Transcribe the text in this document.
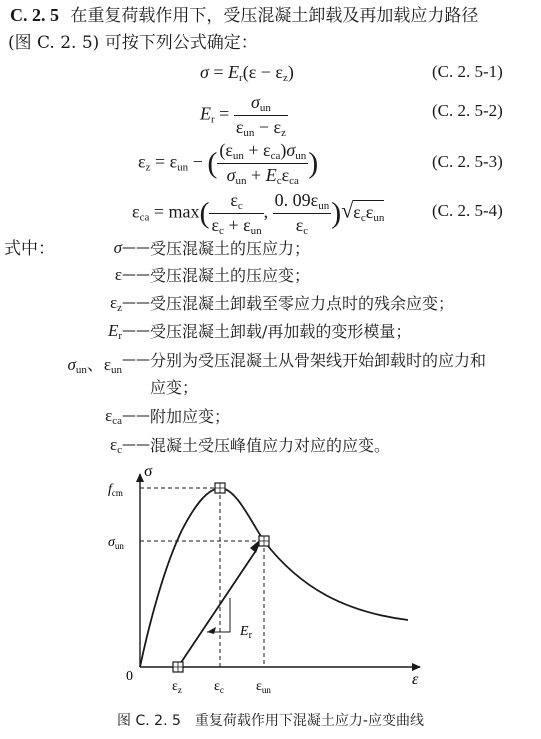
C. 2. 5 在重复荷载作用下，受压混凝土卸载及再加载应力路径
(图 C. 2. 5) 可按下列公式确定：
$\sigma = E_r(\varepsilon - \varepsilon_z)$	(C. 2. 5-1)
$E_r = \frac{\sigma_{un}}{\varepsilon_{un} - \varepsilon_z}$	(C. 2. 5-2)
$\varepsilon_z = \varepsilon_{un}$ − ( $\frac{(\varepsilon_{un} + \varepsilon_{ca})\sigma_{un}}{\sigma_{un} + E_c\varepsilon_{ca}}$ )	(C. 2. 5-3)
$\varepsilon_{ca} = \max( \frac{\varepsilon_c}{\varepsilon_c + \varepsilon_{un}}$ , $\frac{0. 09\varepsilon_{un}}{\varepsilon_c} )√\varepsilon_c\varepsilon_{un}$	(C. 2. 5-4)
式中：	σ —— 受压混凝土的压应力；
ε —— 受压混凝土的压应变；
$\varepsilon_z$ —— 受压混凝土卸载至零应力点时的残余应变；
$E_r$ —— 受压混凝土卸载/再加载的变形模量；
$\sigma_{un}$、$\varepsilon_{un}$
—— 分别为受压混凝土从骨架线开始卸载时的应力和
应变；
$\varepsilon_{ca}$ —— 附加应变；
$\varepsilon_c$ —— 混凝土受压峰值应力对应的应变。
$E_r$
σ
ε
0
$f_{cm}$
$\sigma_{un}$
$\varepsilon_z$ $\varepsilon_c$ $\varepsilon_{un}$
图 C. 2. 5　重复荷载作用下混凝土应力-应变曲线
